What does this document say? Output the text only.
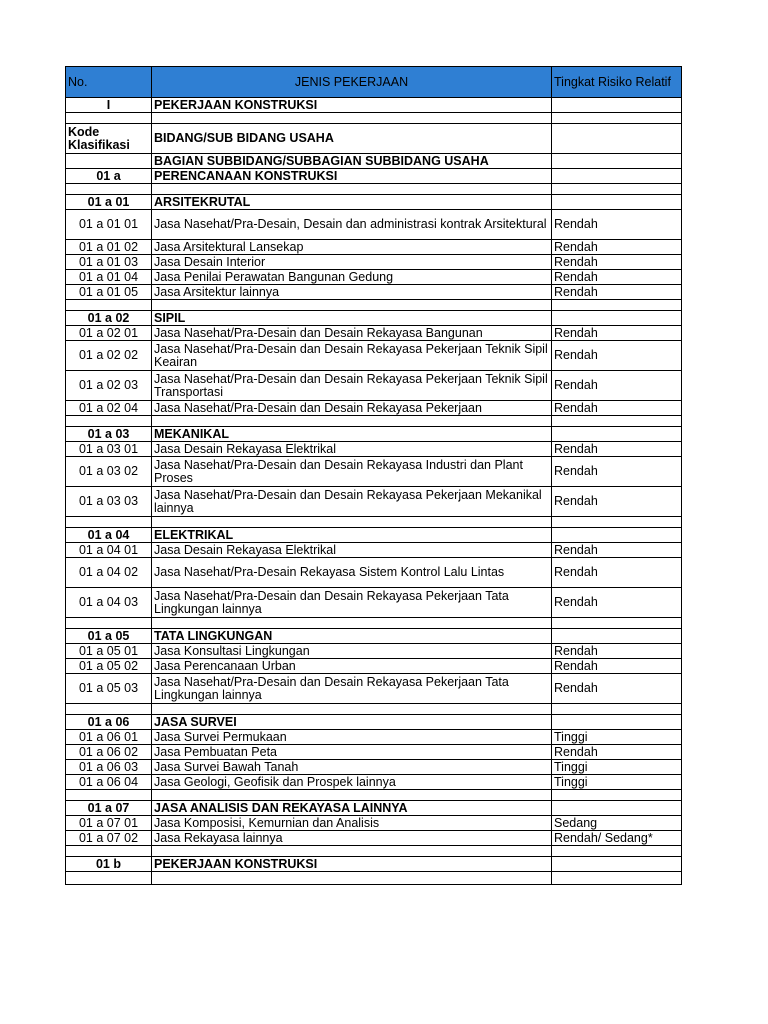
No.	JENIS PEKERJAAN	Tingkat Risiko Relatif
I	PEKERJAAN KONSTRUKSI	

Kode Klasifikasi	BIDANG/SUB BIDANG USAHA	
	BAGIAN SUBBIDANG/SUBBAGIAN SUBBIDANG USAHA	
01 a	PERENCANAAN KONSTRUKSI	

01 a 01	ARSITEKRUTAL	
01 a 01 01	Jasa Nasehat/Pra-Desain, Desain dan administrasi kontrak Arsitektural	Rendah
01 a 01 02	Jasa Arsitektural Lansekap	Rendah
01 a 01 03	Jasa Desain Interior	Rendah
01 a 01 04	Jasa Penilai Perawatan Bangunan Gedung	Rendah
01 a 01 05	Jasa Arsitektur lainnya	Rendah

01 a 02	SIPIL	
01 a 02 01	Jasa Nasehat/Pra-Desain dan Desain Rekayasa Bangunan	Rendah
01 a 02 02	Jasa Nasehat/Pra-Desain dan Desain Rekayasa Pekerjaan Teknik Sipil Keairan	Rendah
01 a 02 03	Jasa Nasehat/Pra-Desain dan Desain Rekayasa Pekerjaan Teknik Sipil Transportasi	Rendah
01 a 02 04	Jasa Nasehat/Pra-Desain dan Desain Rekayasa Pekerjaan	Rendah

01 a 03	MEKANIKAL	
01 a 03 01	Jasa Desain Rekayasa Elektrikal	Rendah
01 a 03 02	Jasa Nasehat/Pra-Desain dan Desain Rekayasa Industri dan Plant Proses	Rendah
01 a 03 03	Jasa Nasehat/Pra-Desain dan Desain Rekayasa Pekerjaan Mekanikal lainnya	Rendah

01 a 04	ELEKTRIKAL	
01 a 04 01	Jasa Desain Rekayasa Elektrikal	Rendah
01 a 04 02	Jasa Nasehat/Pra-Desain Rekayasa Sistem Kontrol Lalu Lintas	Rendah
01 a 04 03	Jasa Nasehat/Pra-Desain dan Desain Rekayasa Pekerjaan Tata Lingkungan lainnya	Rendah

01 a 05	TATA LINGKUNGAN	
01 a 05 01	Jasa Konsultasi Lingkungan	Rendah
01 a 05 02	Jasa Perencanaan Urban	Rendah
01 a 05 03	Jasa Nasehat/Pra-Desain dan Desain Rekayasa Pekerjaan Tata Lingkungan lainnya	Rendah

01 a 06	JASA SURVEI	
01 a 06 01	Jasa Survei Permukaan	Tinggi
01 a 06 02	Jasa Pembuatan Peta	Rendah
01 a 06 03	Jasa Survei Bawah Tanah	Tinggi
01 a 06 04	Jasa Geologi, Geofisik dan Prospek lainnya	Tinggi

01 a 07	JASA ANALISIS DAN REKAYASA LAINNYA	
01 a 07 01	Jasa Komposisi, Kemurnian dan Analisis	Sedang
01 a 07 02	Jasa Rekayasa lainnya	Rendah/ Sedang*

01 b	PEKERJAAN KONSTRUKSI	
